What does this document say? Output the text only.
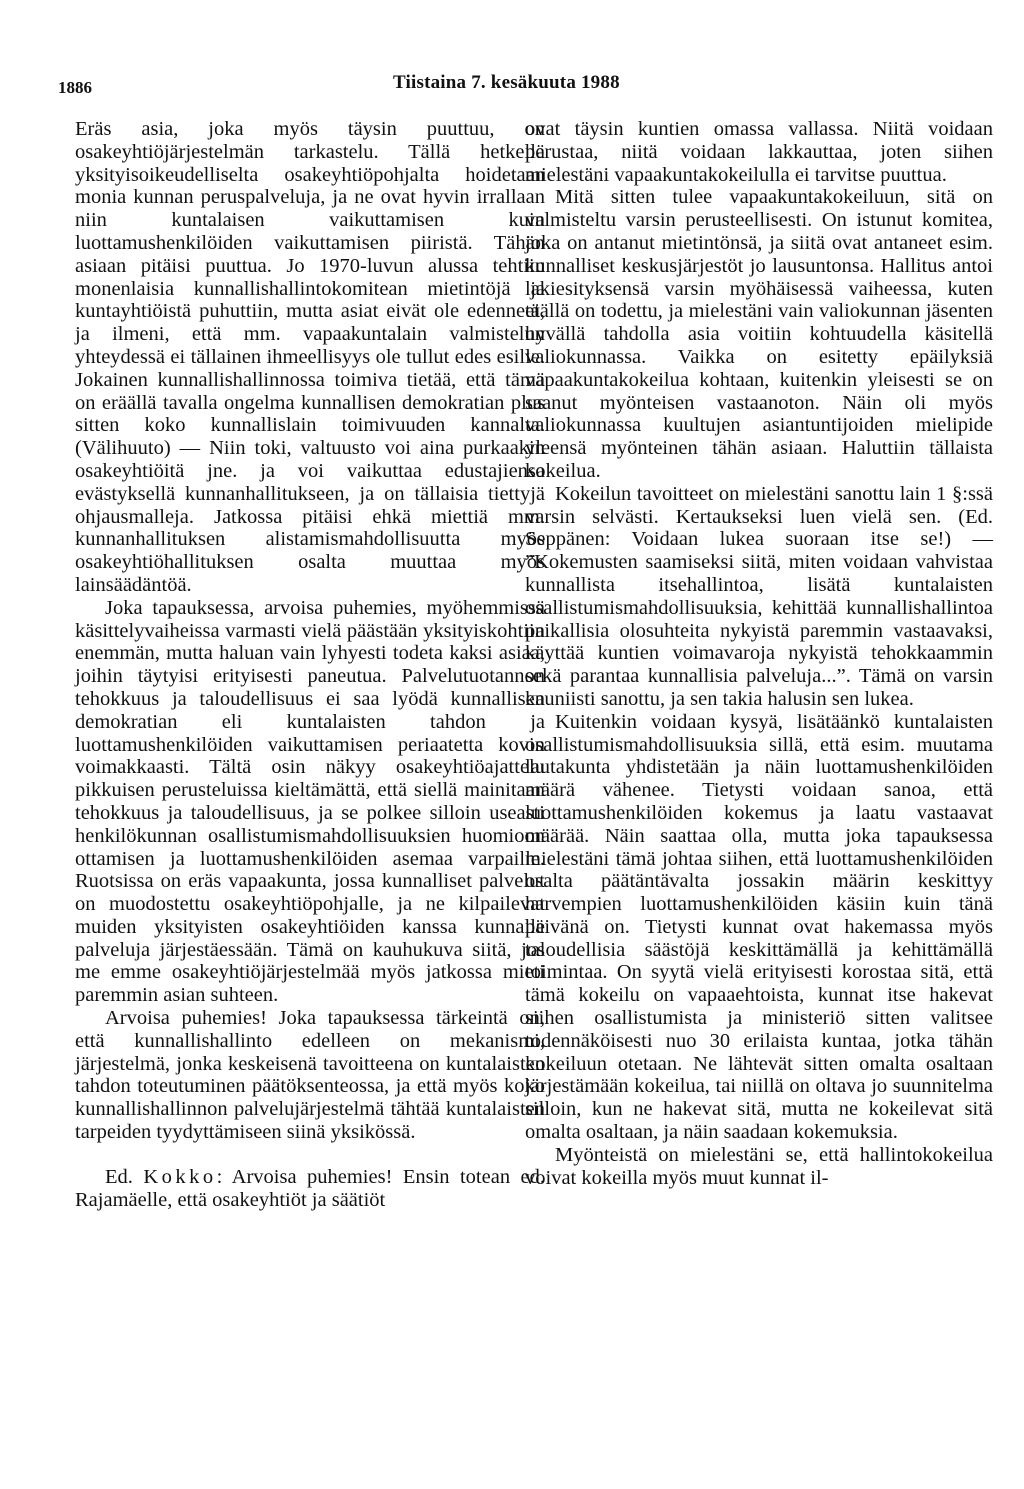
1886	Tiistaina 7. kesäkuuta 1988

Eräs asia, joka myös täysin puuttuu, on osakeyhtiöjärjestelmän tarkastelu. Tällä hetkellä yksityisoikeudelliselta osakeyhtiöpohjalta hoidetaan monia kunnan peruspalveluja, ja ne ovat hyvin irrallaan niin kuntalaisen vaikuttamisen kuin luottamushenkilöiden vaikuttamisen piiristä. Tähän asiaan pitäisi puuttua. Jo 1970-luvun alussa tehtiin monenlaisia kunnallishallintokomitean mietintöjä ja kuntayhtiöistä puhuttiin, mutta asiat eivät ole edenneet, ja ilmeni, että mm. vapaakuntalain valmistelun yhteydessä ei tällainen ihmeellisyys ole tullut edes esille. Jokainen kunnallishallinnossa toimiva tietää, että tämä on eräällä tavalla ongelma kunnallisen demokratian plus sitten koko kunnallislain toimivuuden kannalta. (Välihuuto) — Niin toki, valtuusto voi aina purkaakin osakeyhtiöitä jne. ja voi vaikuttaa edustajiensa evästyksellä kunnanhallitukseen, ja on tällaisia tiettyjä ohjausmalleja. Jatkossa pitäisi ehkä miettiä mm. kunnanhallituksen alistamismahdollisuutta myös osakeyhtiöhallituksen osalta muuttaa myös lainsäädäntöä.

Joka tapauksessa, arvoisa puhemies, myöhemmissä käsittelyvaiheissa varmasti vielä päästään yksityiskohtiin enemmän, mutta haluan vain lyhyesti todeta kaksi asiaa, joihin täytyisi erityisesti paneutua. Palvelutuotannon tehokkuus ja taloudellisuus ei saa lyödä kunnallisen demokratian eli kuntalaisten tahdon ja luottamushenkilöiden vaikuttamisen periaatetta kovin voimakkaasti. Tältä osin näkyy osakeyhtiöajattelu pikkuisen perusteluissa kieltämättä, että siellä mainitaan tehokkuus ja taloudellisuus, ja se polkee silloin useasti henkilökunnan osallistumismahdollisuuksien huomioon ottamisen ja luottamushenkilöiden asemaa varpaille. Ruotsissa on eräs vapaakunta, jossa kunnalliset palvelut on muodostettu osakeyhtiöpohjalle, ja ne kilpailevat muiden yksityisten osakeyhtiöiden kanssa kunnalle palveluja järjestäessään. Tämä on kauhukuva siitä, jos me emme osakeyhtiöjärjestelmää myös jatkossa mieti paremmin asian suhteen.

Arvoisa puhemies! Joka tapauksessa tärkeintä on, että kunnallishallinto edelleen on mekanismi, järjestelmä, jonka keskeisenä tavoitteena on kuntalaisten tahdon toteutuminen päätöksenteossa, ja että myös koko kunnallishallinnon palvelujärjestelmä tähtää kuntalaisten tarpeiden tyydyttämiseen siinä yksikössä.

Ed. Kokko: Arvoisa puhemies! Ensin totean ed. Rajamäelle, että osakeyhtiöt ja säätiöt

ovat täysin kuntien omassa vallassa. Niitä voidaan perustaa, niitä voidaan lakkauttaa, joten siihen mielestäni vapaakuntakokeilulla ei tarvitse puuttua.

Mitä sitten tulee vapaakuntakokeiluun, sitä on valmisteltu varsin perusteellisesti. On istunut komitea, joka on antanut mietintönsä, ja siitä ovat antaneet esim. kunnalliset keskusjärjestöt jo lausuntonsa. Hallitus antoi lakiesityksensä varsin myöhäisessä vaiheessa, kuten täällä on todettu, ja mielestäni vain valiokunnan jäsenten hyvällä tahdolla asia voitiin kohtuudella käsitellä valiokunnassa. Vaikka on esitetty epäilyksiä vapaakuntakokeilua kohtaan, kuitenkin yleisesti se on saanut myönteisen vastaanoton. Näin oli myös valiokunnassa kuultujen asiantuntijoiden mielipide yleensä myönteinen tähän asiaan. Haluttiin tällaista kokeilua.

Kokeilun tavoitteet on mielestäni sanottu lain 1 §:ssä varsin selvästi. Kertaukseksi luen vielä sen. (Ed. Seppänen: Voidaan lukea suoraan itse se!) — ”Kokemusten saamiseksi siitä, miten voidaan vahvistaa kunnallista itsehallintoa, lisätä kuntalaisten osallistumismahdollisuuksia, kehittää kunnallishallintoa paikallisia olosuhteita nykyistä paremmin vastaavaksi, käyttää kuntien voimavaroja nykyistä tehokkaammin sekä parantaa kunnallisia palveluja...”. Tämä on varsin kauniisti sanottu, ja sen takia halusin sen lukea.

Kuitenkin voidaan kysyä, lisätäänkö kuntalaisten osallistumismahdollisuuksia sillä, että esim. muutama lautakunta yhdistetään ja näin luottamushenkilöiden määrä vähenee. Tietysti voidaan sanoa, että luottamushenkilöiden kokemus ja laatu vastaavat määrää. Näin saattaa olla, mutta joka tapauksessa mielestäni tämä johtaa siihen, että luottamushenkilöiden osalta päätäntävalta jossakin määrin keskittyy harvempien luottamushenkilöiden käsiin kuin tänä päivänä on. Tietysti kunnat ovat hakemassa myös taloudellisia säästöjä keskittämällä ja kehittämällä toimintaa. On syytä vielä erityisesti korostaa sitä, että tämä kokeilu on vapaaehtoista, kunnat itse hakevat siihen osallistumista ja ministeriö sitten valitsee todennäköisesti nuo 30 erilaista kuntaa, jotka tähän kokeiluun otetaan. Ne lähtevät sitten omalta osaltaan järjestämään kokeilua, tai niillä on oltava jo suunnitelma silloin, kun ne hakevat sitä, mutta ne kokeilevat sitä omalta osaltaan, ja näin saadaan kokemuksia.

Myönteistä on mielestäni se, että hallintokokeilua voivat kokeilla myös muut kunnat il-
